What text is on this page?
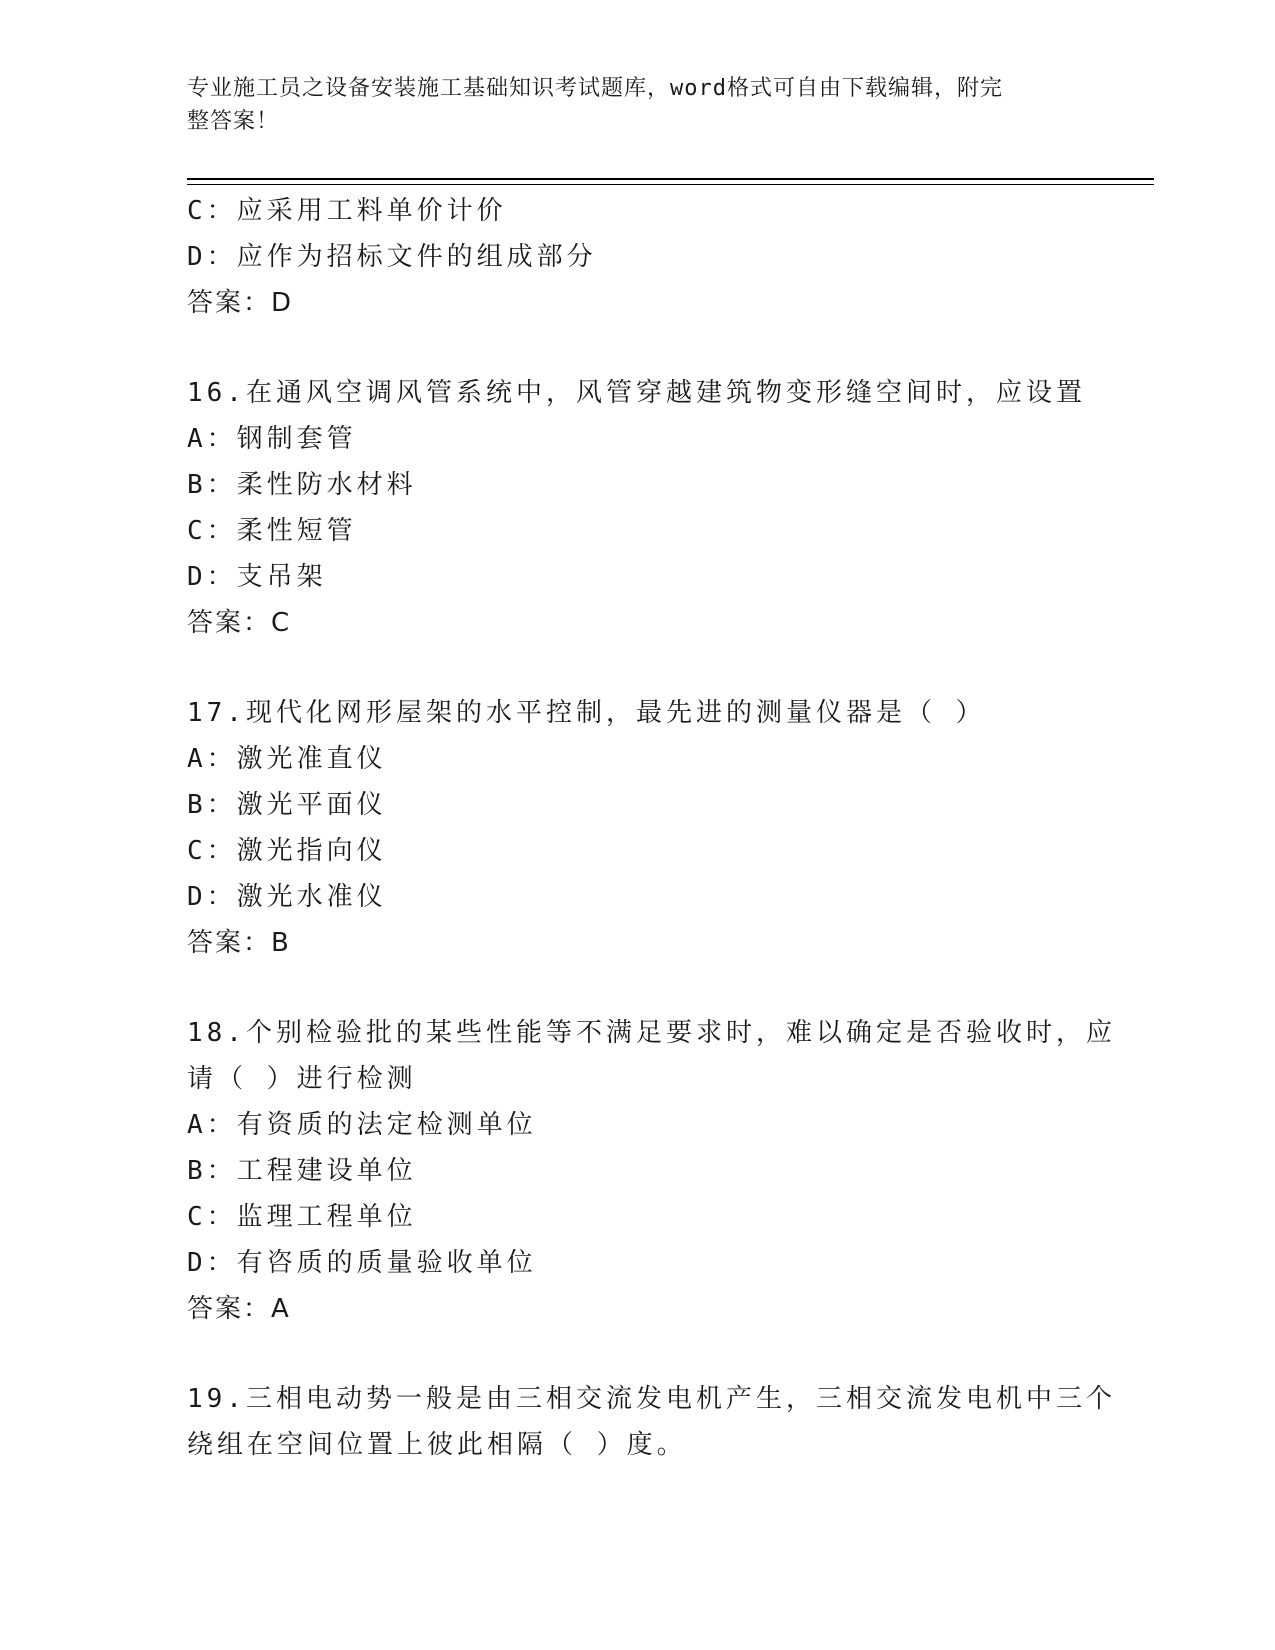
专业施工员之设备安装施工基础知识考试题库，word格式可自由下载编辑，附完
整答案！
C：应采用工料单价计价
D：应作为招标文件的组成部分
答案：D
16.在通风空调风管系统中，风管穿越建筑物变形缝空间时，应设置
A：钢制套管
B：柔性防水材料
C：柔性短管
D：支吊架
答案：C
17.现代化网形屋架的水平控制，最先进的测量仪器是（ ）
A：激光准直仪
B：激光平面仪
C：激光指向仪
D：激光水准仪
答案：B
18.个别检验批的某些性能等不满足要求时，难以确定是否验收时，应
请（ ）进行检测
A：有资质的法定检测单位
B：工程建设单位
C：监理工程单位
D：有咨质的质量验收单位
答案：A
19.三相电动势一般是由三相交流发电机产生，三相交流发电机中三个
绕组在空间位置上彼此相隔（ ）度。
